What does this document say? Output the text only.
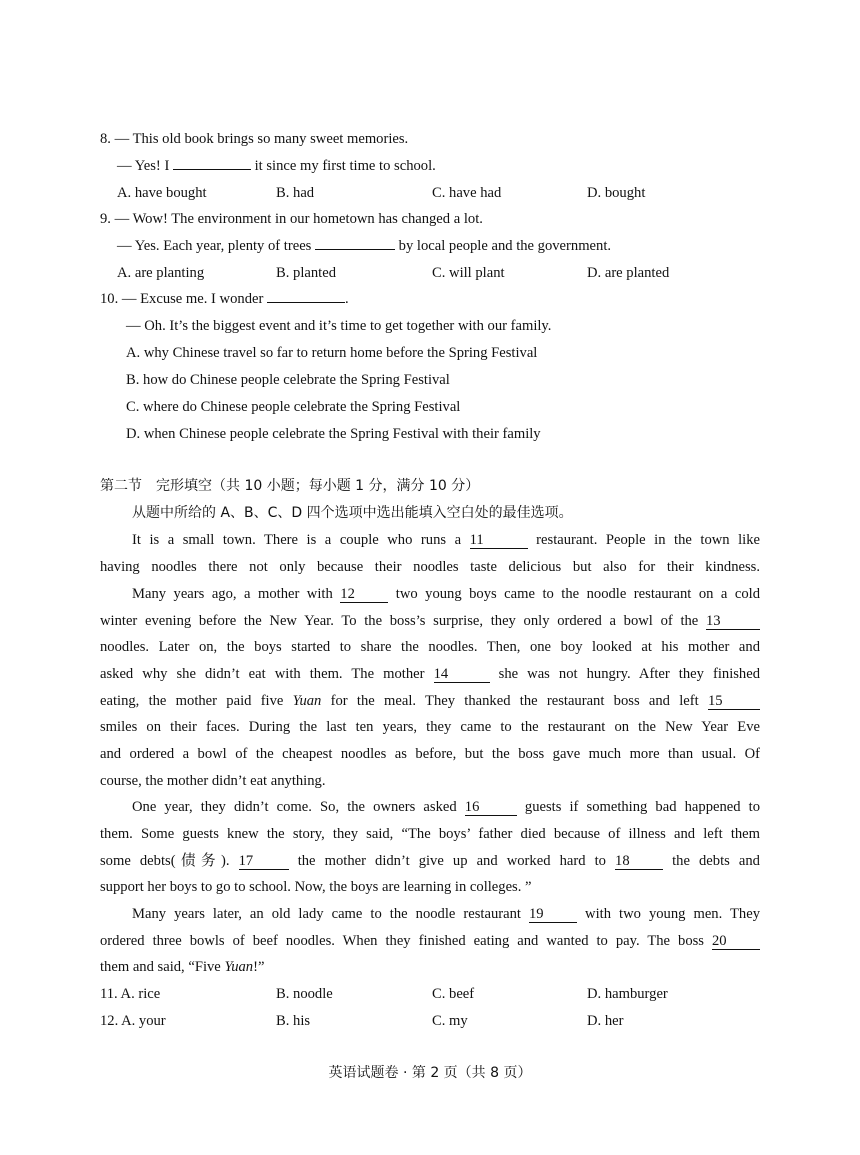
8. — This old book brings so many sweet memories.
— Yes! I	it since my first time to school.
A. have bought	B. had	C. have had	D. bought
9. — Wow! The environment in our hometown has changed a lot.
— Yes. Each year, plenty of trees	by local people and the government.
A. are planting	B. planted	C. will plant	D. are planted
10. — Excuse me. I wonder	.
— Oh. It’s the biggest event and it’s time to get together with our family.
A. why Chinese travel so far to return home before the Spring Festival
B. how do Chinese people celebrate the Spring Festival
C. where do Chinese people celebrate the Spring Festival
D. when Chinese people celebrate the Spring Festival with their family
第二节　完形填空（共 10 小题；每小题 1 分，满分 10 分）
从题中所给的 A、B、C、D 四个选项中选出能填入空白处的最佳选项。
It is a small town. There is a couple who runs a 11	restaurant. People in the town like
having noodles there not only because their noodles taste delicious but also for their kindness.
Many years ago, a mother with 12	two young boys came to the noodle restaurant on a cold
winter evening before the New Year. To the boss’s surprise, they only ordered a bowl of the 13
noodles. Later on, the boys started to share the noodles. Then, one boy looked at his mother and
asked why she didn’t eat with them. The mother 14	she was not hungry. After they finished
eating, the mother paid five Yuan for the meal. They thanked the restaurant boss and left 15
smiles on their faces. During the last ten years, they came to the restaurant on the New Year Eve
and ordered a bowl of the cheapest noodles as before, but the boss gave much more than usual. Of
course, the mother didn’t eat anything.
One year, they didn’t come. So, the owners asked 16	guests if something bad happened to
them. Some guests knew the story, they said, “The boys’ father died because of illness and left them
some debts(债务). 17	the mother didn’t give up and worked hard to 18	the debts and
support her boys to go to school. Now, the boys are learning in colleges. ”
Many years later, an old lady came to the noodle restaurant 19	with two young men. They
ordered three bowls of beef noodles. When they finished eating and wanted to pay. The boss 20
them and said, “Five Yuan!”
11. A. rice	B. noodle	C. beef	D. hamburger
12. A. your	B. his	C. my	D. her
英语试题卷 · 第 2 页（共 8 页）
